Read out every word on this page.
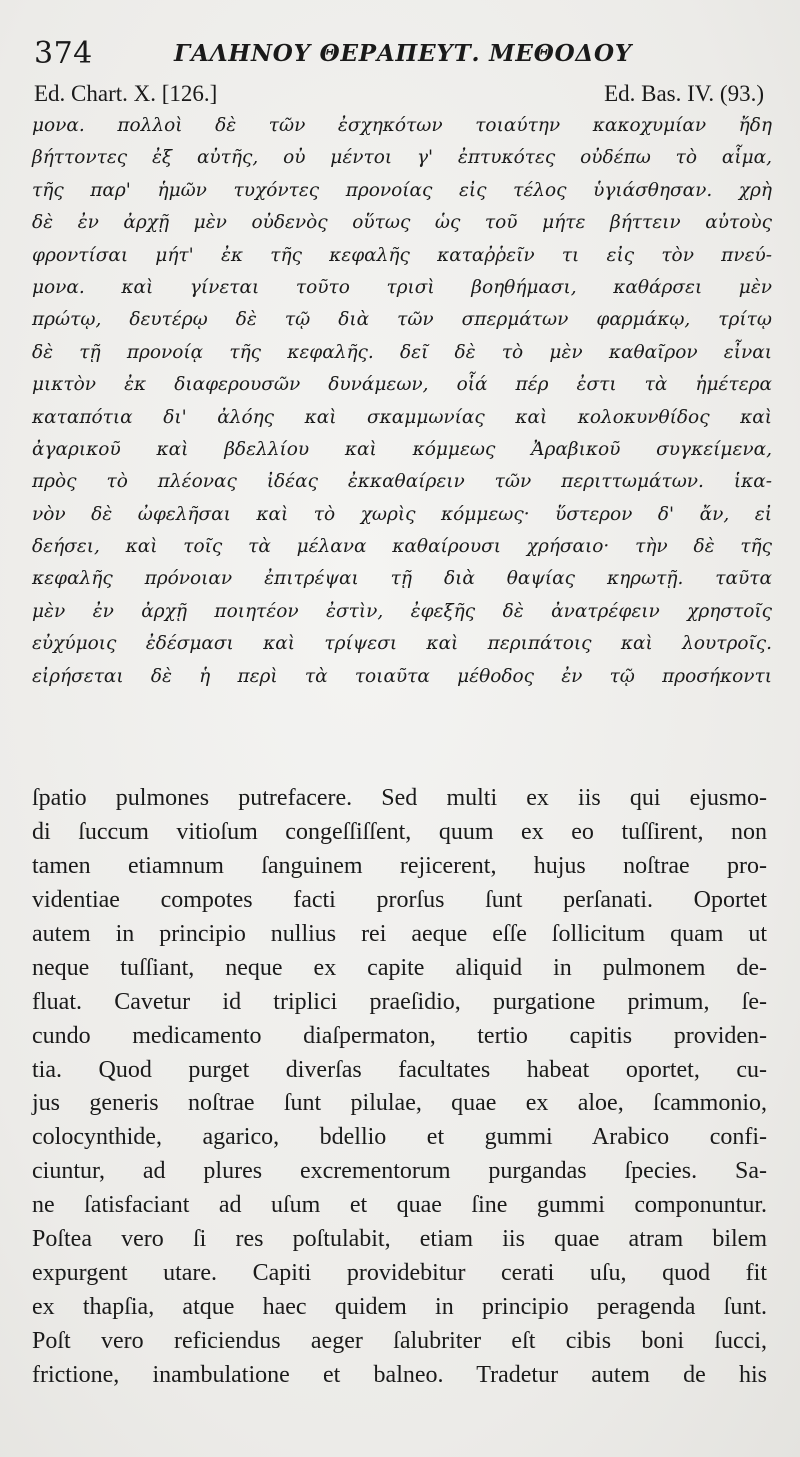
374	ΓΑΛΗΝΟΥ ΘΕΡΑΠΕΥΤ. ΜΕΘΟΔΟΥ
Ed. Chart. X. [126.]	Ed. Bas. IV. (93.)
μονα. πολλοὶ δὲ τῶν ἐσχηκότων τοιαύτην κακοχυμίαν ἤδη
βήττοντες ἐξ αὐτῆς, οὐ μέντοι γ' ἐπτυκότες οὐδέπω τὸ αἷμα,
τῆς παρ' ἡμῶν τυχόντες προνοίας εἰς τέλος ὑγιάσθησαν. χρὴ
δὲ ἐν ἀρχῇ μὲν οὐδενὸς οὕτως ὡς τοῦ μήτε βήττειν αὐτοὺς
φροντίσαι μήτ' ἐκ τῆς κεφαλῆς καταῤῥεῖν τι εἰς τὸν πνεύ-
μονα. καὶ γίνεται τοῦτο τρισὶ βοηθήμασι, καθάρσει μὲν
πρώτῳ, δευτέρῳ δὲ τῷ διὰ τῶν σπερμάτων φαρμάκῳ, τρίτῳ
δὲ τῇ προνοίᾳ τῆς κεφαλῆς. δεῖ δὲ τὸ μὲν καθαῖρον εἶναι
μικτὸν ἐκ διαφερουσῶν δυνάμεων, οἷά πέρ ἐστι τὰ ἡμέτερα
καταπότια δι' ἀλόης καὶ σκαμμωνίας καὶ κολοκυνθίδος καὶ
ἀγαρικοῦ καὶ βδελλίου καὶ κόμμεως Ἀραβικοῦ συγκείμενα,
πρὸς τὸ πλέονας ἰδέας ἐκκαθαίρειν τῶν περιττωμάτων. ἱκα-
νὸν δὲ ὠφελῆσαι καὶ τὸ χωρὶς κόμμεως· ὕστερον δ' ἄν, εἰ
δεήσει, καὶ τοῖς τὰ μέλανα καθαίρουσι χρήσαιο· τὴν δὲ τῆς
κεφαλῆς πρόνοιαν ἐπιτρέψαι τῇ διὰ θαψίας κηρωτῇ. ταῦτα
μὲν ἐν ἀρχῇ ποιητέον ἐστὶν, ἐφεξῆς δὲ ἀνατρέφειν χρηστοῖς
εὐχύμοις ἐδέσμασι καὶ τρίψεσι καὶ περιπάτοις καὶ λουτροῖς.
εἰρήσεται δὲ ἡ περὶ τὰ τοιαῦτα μέθοδος ἐν τῷ προσήκοντι
ſpatio pulmones putrefacere. Sed multi ex iis qui ejusmo-
di ſuccum vitioſum congeſſiſſent, quum ex eo tuſſirent, non
tamen etiamnum ſanguinem rejicerent, hujus noſtrae pro-
videntiae compotes facti prorſus ſunt perſanati. Oportet
autem in principio nullius rei aeque eſſe ſollicitum quam ut
neque tuſſiant, neque ex capite aliquid in pulmonem de-
fluat. Cavetur id triplici praeſidio, purgatione primum, ſe-
cundo medicamento diaſpermaton, tertio capitis providen-
tia. Quod purget diverſas facultates habeat oportet, cu-
jus generis noſtrae ſunt pilulae, quae ex aloe, ſcammonio,
colocynthide, agarico, bdellio et gummi Arabico confi-
ciuntur, ad plures excrementorum purgandas ſpecies. Sa-
ne ſatisfaciant ad uſum et quae ſine gummi componuntur.
Poſtea vero ſi res poſtulabit, etiam iis quae atram bilem
expurgent utare. Capiti providebitur cerati uſu, quod fit
ex thapſia, atque haec quidem in principio peragenda ſunt.
Poſt vero reficiendus aeger ſalubriter eſt cibis boni ſucci,
frictione, inambulatione et balneo. Tradetur autem de his
